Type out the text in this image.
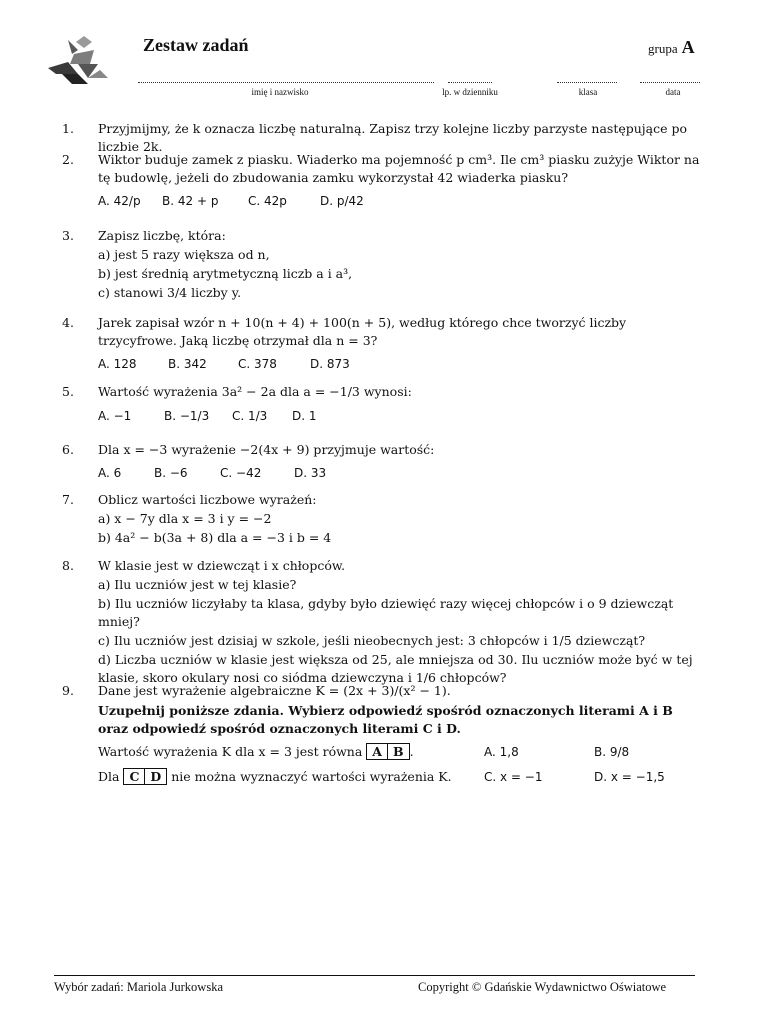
Zestaw zadań	grupa A
imię i nazwisko	lp. w dzienniku	klasa	data
1.	Przyjmijmy, że k oznacza liczbę naturalną. Zapisz trzy kolejne liczby parzyste następujące po liczbie 2k.
2.	Wiktor buduje zamek z piasku. Wiaderko ma pojemność p cm³. Ile cm³ piasku zużyje Wiktor na tę budowlę, jeżeli do zbudowania zamku wykorzystał 42 wiaderka piasku?
A. 42/p	B. 42 + p	C. 42p	D. p/42
3.	Zapisz liczbę, która:
a) jest 5 razy większa od n,
b) jest średnią arytmetyczną liczb a i a³,
c) stanowi 3/4 liczby y.
4.	Jarek zapisał wzór n + 10(n + 4) + 100(n + 5), według którego chce tworzyć liczby trzycyfrowe. Jaką liczbę otrzymał dla n = 3?
A. 128	B. 342	C. 378	D. 873
5.	Wartość wyrażenia 3a² − 2a dla a = −1/3 wynosi:
A. −1	B. −1/3	C. 1/3	D. 1
6.	Dla x = −3 wyrażenie −2(4x + 9) przyjmuje wartość:
A. 6	B. −6	C. −42	D. 33
7.	Oblicz wartości liczbowe wyrażeń:
a) x − 7y dla x = 3 i y = −2
b) 4a² − b(3a + 8) dla a = −3 i b = 4
8.	W klasie jest w dziewcząt i x chłopców.
a) Ilu uczniów jest w tej klasie?
b) Ilu uczniów liczyłaby ta klasa, gdyby było dziewięć razy więcej chłopców i o 9 dziewcząt mniej?
c) Ilu uczniów jest dzisiaj w szkole, jeśli nieobecnych jest: 3 chłopców i 1/5 dziewcząt?
d) Liczba uczniów w klasie jest większa od 25, ale mniejsza od 30. Ilu uczniów może być w tej klasie, skoro okulary nosi co siódma dziewczyna i 1/6 chłopców?
9.	Dane jest wyrażenie algebraiczne K = (2x + 3)/(x² − 1).
Uzupełnij poniższe zdania. Wybierz odpowiedź spośród oznaczonych literami A i B oraz odpowiedź spośród oznaczonych literami C i D.
Wartość wyrażenia K dla x = 3 jest równa A B .	A. 1,8	B. 9/8
Dla C D nie można wyznaczyć wartości wyrażenia K.	C. x = −1	D. x = −1,5
Wybór zadań: Mariola Jurkowska	Copyright © Gdańskie Wydawnictwo Oświatowe
